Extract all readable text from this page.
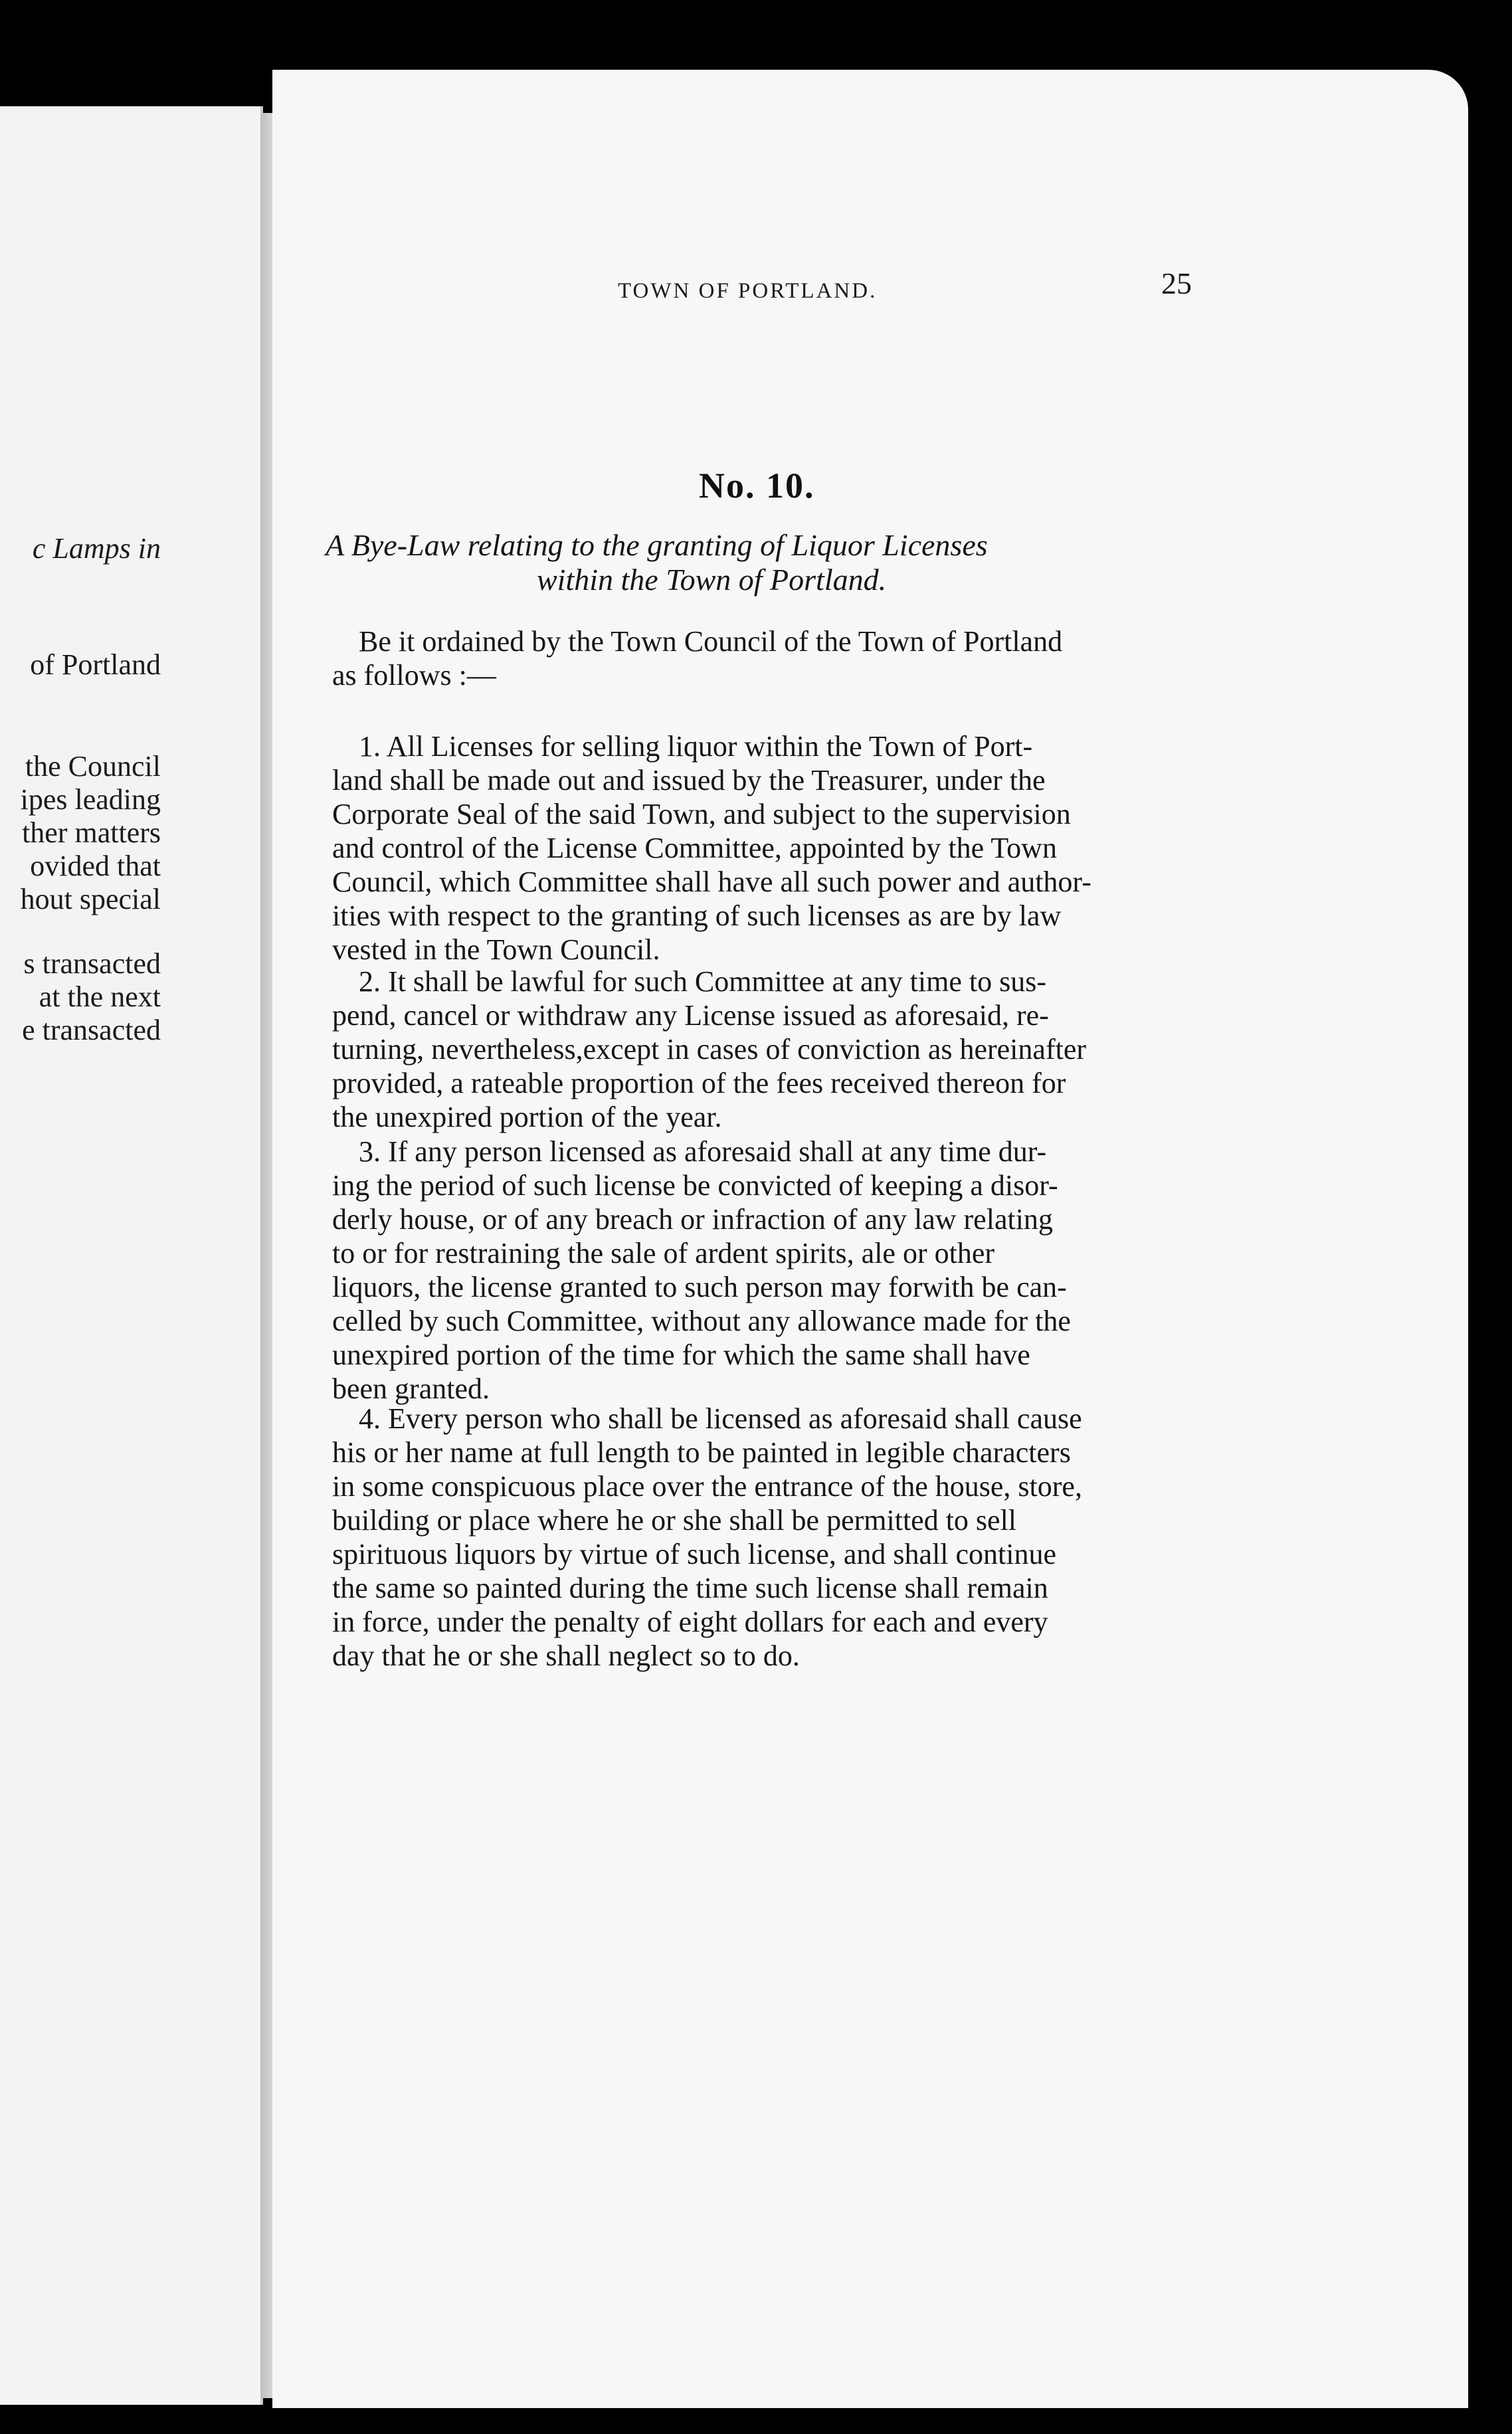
c Lamps in
of Portland
the Council
ipes leading
ther matters
ovided that
hout special
s transacted
at the next
e transacted
TOWN OF PORTLAND.	25
No. 10.
A Bye-Law relating to the granting of Liquor Licenses
within the Town of Portland.
Be it ordained by the Town Council of the Town of Portland
as follows :—
1. All Licenses for selling liquor within the Town of Port-
land shall be made out and issued by the Treasurer, under the
Corporate Seal of the said Town, and subject to the supervision
and control of the License Committee, appointed by the Town
Council, which Committee shall have all such power and author-
ities with respect to the granting of such licenses as are by law
vested in the Town Council.
2. It shall be lawful for such Committee at any time to sus-
pend, cancel or withdraw any License issued as aforesaid, re-
turning, nevertheless,except in cases of conviction as hereinafter
provided, a rateable proportion of the fees received thereon for
the unexpired portion of the year.
3. If any person licensed as aforesaid shall at any time dur-
ing the period of such license be convicted of keeping a disor-
derly house, or of any breach or infraction of any law relating
to or for restraining the sale of ardent spirits, ale or other
liquors, the license granted to such person may forwith be can-
celled by such Committee, without any allowance made for the
unexpired portion of the time for which the same shall have
been granted.
4. Every person who shall be licensed as aforesaid shall cause
his or her name at full length to be painted in legible characters
in some conspicuous place over the entrance of the house, store,
building or place where he or she shall be permitted to sell
spirituous liquors by virtue of such license, and shall continue
the same so painted during the time such license shall remain
in force, under the penalty of eight dollars for each and every
day that he or she shall neglect so to do.
